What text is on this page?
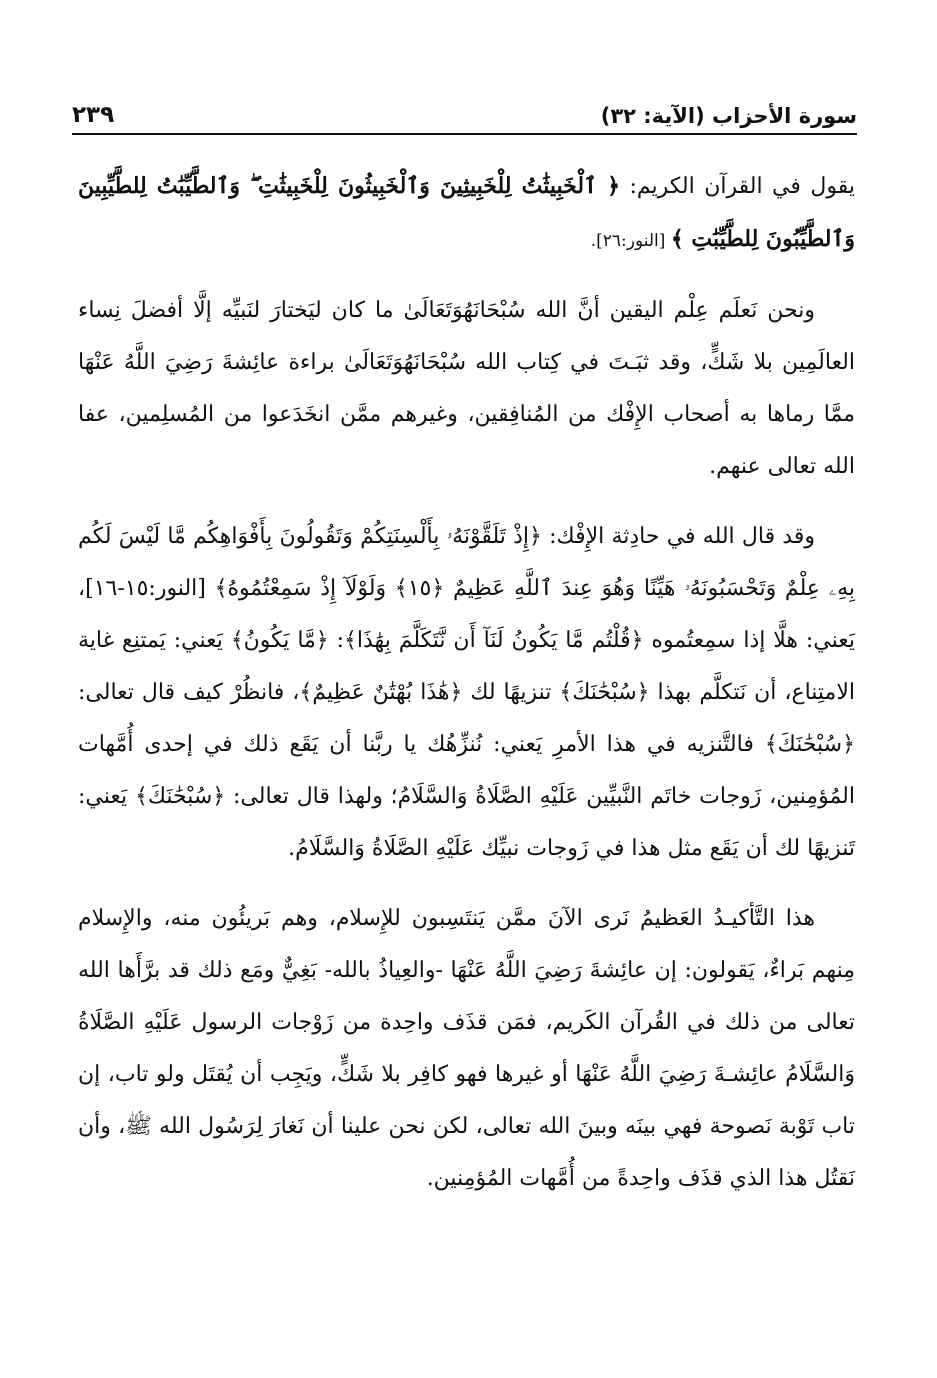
سورة الأحزاب (الآية: ٣٢)
٢٣٩

يقول في القرآن الكريم: ﴿ ٱلْخَبِيثَٰتُ لِلْخَبِيثِينَ وَٱلْخَبِيثُونَ لِلْخَبِيثَٰتِ ۖ وَٱلطَّيِّبَٰتُ لِلطَّيِّبِينَ وَٱلطَّيِّبُونَ لِلطَّيِّبَٰتِ ﴾ [النور:٢٦].

ونحن نَعلَم عِلْم اليقين أنَّ الله سُبْحَانَهُوَتَعَالَىٰ ما كان ليَختارَ لنَبيِّه إلَّا أفضلَ نِساء العالَمِين بلا شَكٍّ، وقد ثبَـتَ في كِتاب الله سُبْحَانَهُوَتَعَالَىٰ براءة عائِشةَ رَضِيَ اللَّهُ عَنْهَا ممَّا رماها به أصحاب الإِفْك من المُنافِقين، وغيرهم ممَّن انخَدَعوا من المُسلِمين، عفا الله تعالى عنهم.

وقد قال الله في حادِثة الإِفْك: ﴿إِذْ تَلَقَّوْنَهُۥ بِأَلْسِنَتِكُمْ وَتَقُولُونَ بِأَفْوَاهِكُم مَّا لَيْسَ لَكُم بِهِۦ عِلْمٌ وَتَحْسَبُونَهُۥ هَيِّنًا وَهُوَ عِندَ ٱللَّهِ عَظِيمٌ ﴿١٥﴾ وَلَوْلَآ إِذْ سَمِعْتُمُوهُ﴾ [النور:١٥-١٦]، يَعني: هلَّا إذا سمِعتُموه ﴿قُلْتُم مَّا يَكُونُ لَنَآ أَن نَّتَكَلَّمَ بِهَٰذَا﴾: ﴿مَّا يَكُونُ﴾ يَعني: يَمتنِع غاية الامتِناع، أن نَتكلَّم بهذا ﴿سُبْحَٰنَكَ﴾ تنزيهًا لك ﴿هَٰذَا بُهْتَٰنٌ عَظِيمٌ﴾، فانظُرْ كيف قال تعالى: ﴿سُبْحَٰنَكَ﴾ فالتَّنزيه في هذا الأمرِ يَعني: نُنزِّهُك يا ربَّنا أن يَقَع ذلك في إحدى أُمَّهات المُؤمِنين، زَوجات خاتَم النَّبيِّين عَلَيْهِ الصَّلَاةُ وَالسَّلَامُ؛ ولهذا قال تعالى: ﴿سُبْحَٰنَكَ﴾ يَعني: تَنزيهًا لك أن يَقَع مثل هذا في زَوجات نبيِّك عَلَيْهِ الصَّلَاةُ وَالسَّلَامُ.

هذا التَّأكيـدُ العَظيمُ نَرى الآنَ ممَّن يَنتَسِبون للإِسلام، وهم بَريئُون منه، والإِسلام مِنهم بَراءٌ، يَقولون: إن عائِشةَ رَضِيَ اللَّهُ عَنْهَا -والعِياذُ بالله- بَغِيٌّ ومَع ذلك قد برَّأَها الله تعالى من ذلك في القُرآن الكَريم، فمَن قذَف واحِدة من زَوْجات الرسول عَلَيْهِ الصَّلَاةُ وَالسَّلَامُ عائِشـةَ رَضِيَ اللَّهُ عَنْهَا أو غيرها فهو كافِر بلا شَكٍّ، ويَجِب أن يُقتَل ولو تاب، إن تاب تَوْبة نَصوحة فهي بينَه وبينَ الله تعالى، لكن نحن علينا أن نَغارَ لِرَسُول الله ﷺ، وأن نَقتُل هذا الذي قذَف واحِدةً من أُمَّهات المُؤمِنين.
